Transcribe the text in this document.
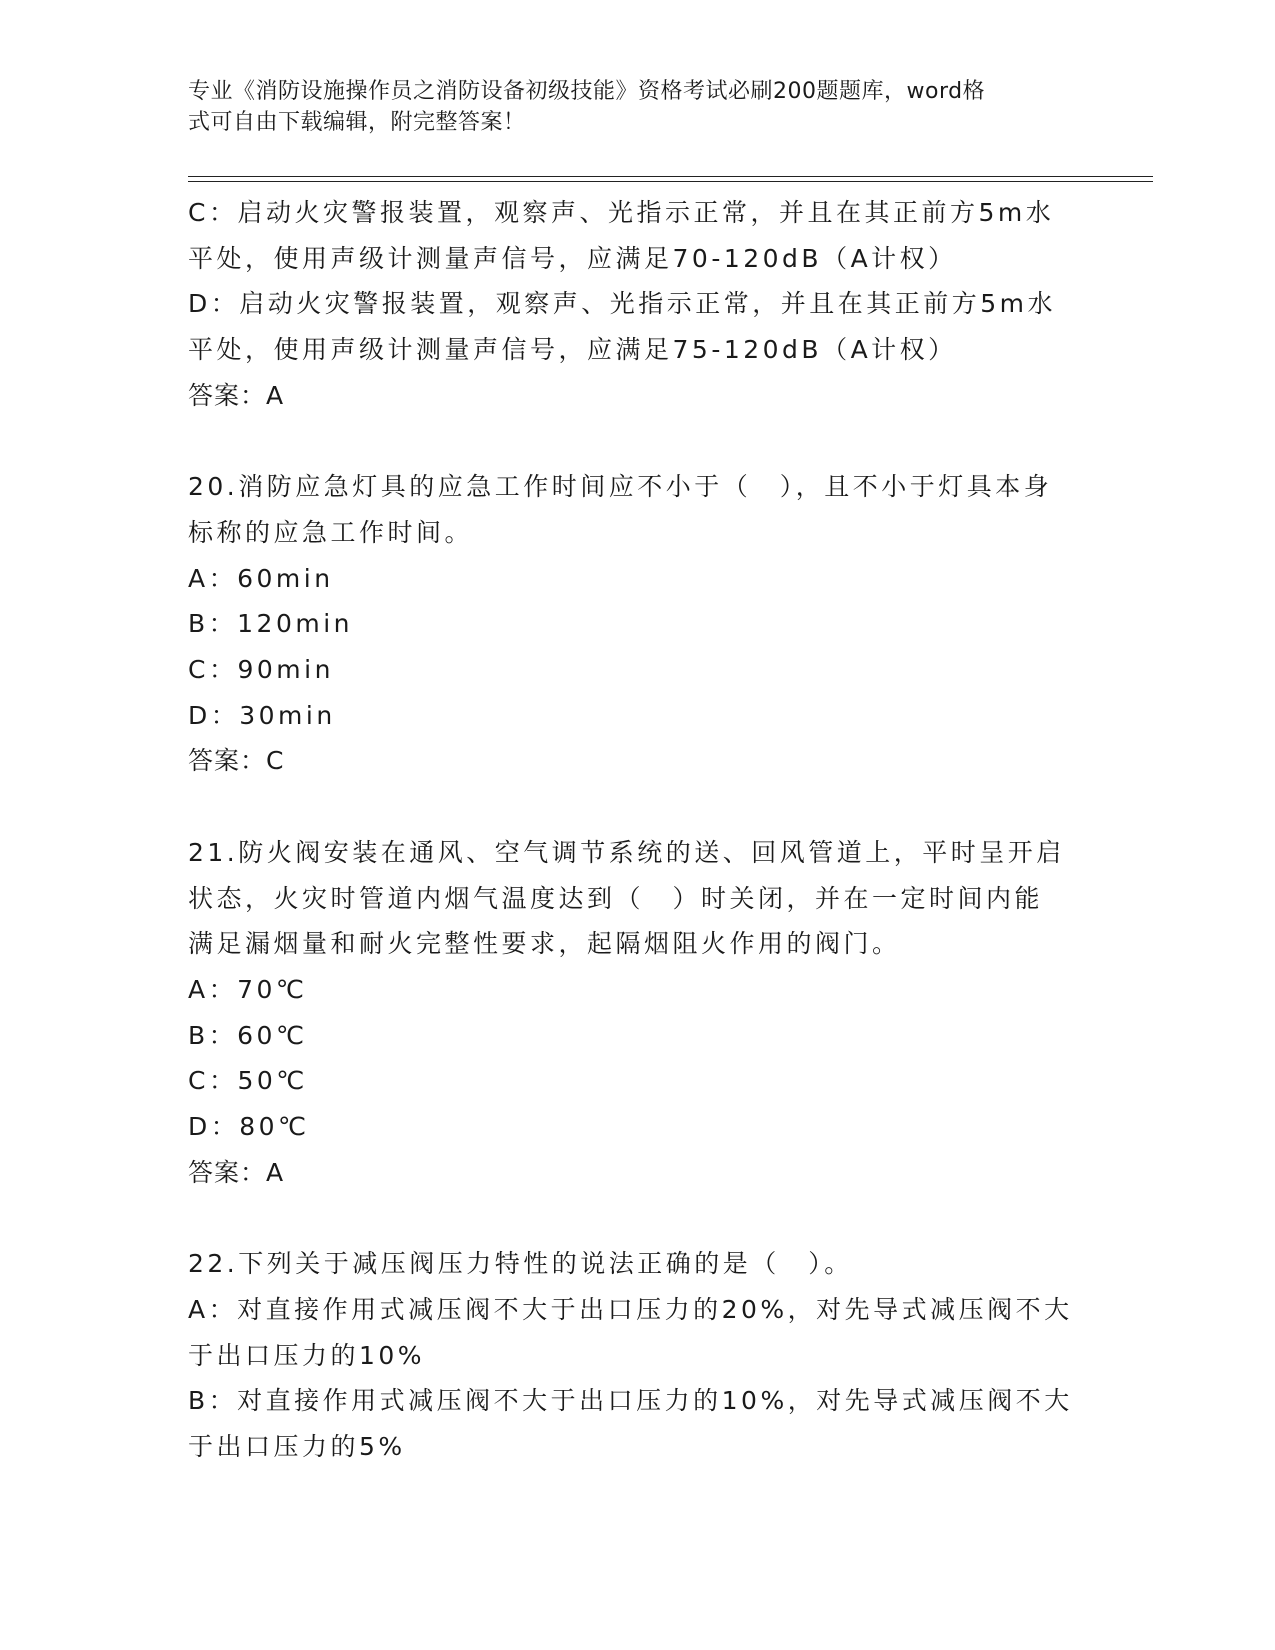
专业《消防设施操作员之消防设备初级技能》资格考试必刷200题题库，word格
式可自由下载编辑，附完整答案！
C：启动火灾警报装置，观察声、光指示正常，并且在其正前方5m水
平处，使用声级计测量声信号，应满足70-120dB（A计权）
D：启动火灾警报装置，观察声、光指示正常，并且在其正前方5m水
平处，使用声级计测量声信号，应满足75-120dB（A计权）
答案：A
20.消防应急灯具的应急工作时间应不小于（　），且不小于灯具本身
标称的应急工作时间。
A：60min
B：120min
C：90min
D：30min
答案：C
21.防火阀安装在通风、空气调节系统的送、回风管道上，平时呈开启
状态，火灾时管道内烟气温度达到（　）时关闭，并在一定时间内能
满足漏烟量和耐火完整性要求，起隔烟阻火作用的阀门。
A：70℃
B：60℃
C：50℃
D：80℃
答案：A
22.下列关于减压阀压力特性的说法正确的是（　）。
A：对直接作用式减压阀不大于出口压力的20%，对先导式减压阀不大
于出口压力的10%
B：对直接作用式减压阀不大于出口压力的10%，对先导式减压阀不大
于出口压力的5%
